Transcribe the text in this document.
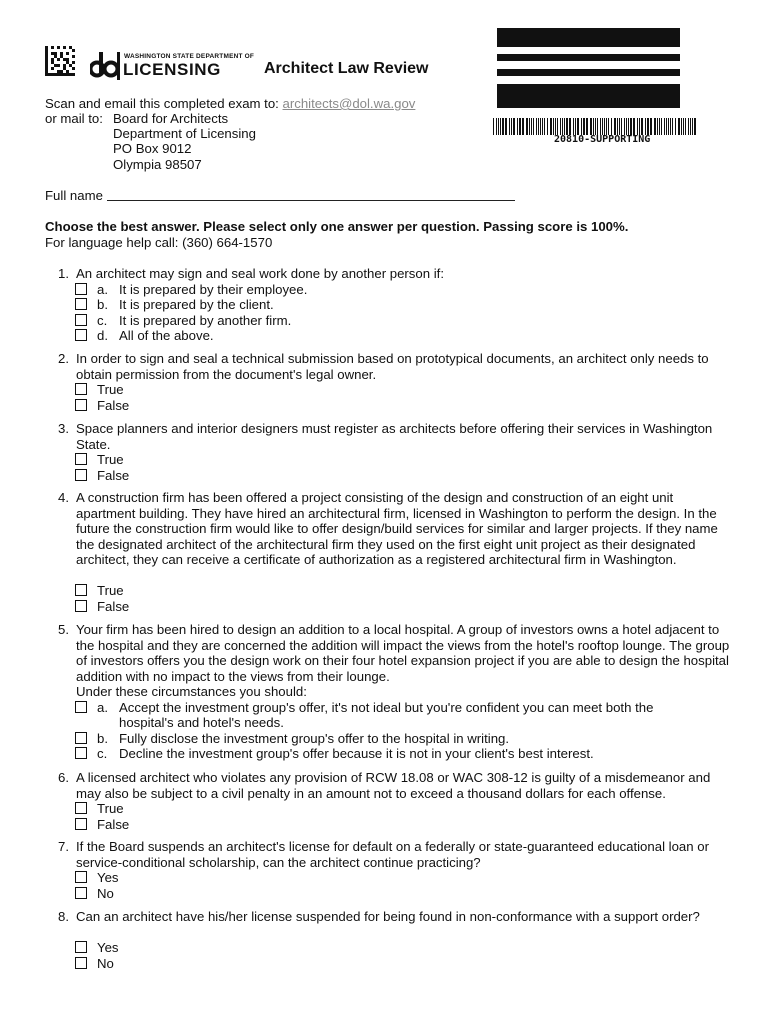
WASHINGTON STATE DEPARTMENT OF
LICENSING	Architect Law Review
20810-SUPPORTING
Scan and email this completed exam to: architects@dol.wa.gov
or mail to: Board for Architects
Department of Licensing
PO Box 9012
Olympia 98507
Full name
Choose the best answer. Please select only one answer per question. Passing score is 100%.
For language help call: (360) 664-1570
1. An architect may sign and seal work done by another person if:
a. It is prepared by their employee.
b. It is prepared by the client.
c. It is prepared by another firm.
d. All of the above.
2. In order to sign and seal a technical submission based on prototypical documents, an architect only needs to obtain permission from the document's legal owner.
True
False
3. Space planners and interior designers must register as architects before offering their services in Washington State.
True
False
4. A construction firm has been offered a project consisting of the design and construction of an eight unit apartment building. They have hired an architectural firm, licensed in Washington to perform the design. In the future the construction firm would like to offer design/build services for similar and larger projects. If they name the designated architect of the architectural firm they used on the first eight unit project as their designated architect, they can receive a certificate of authorization as a registered architectural firm in Washington.
True
False
5. Your firm has been hired to design an addition to a local hospital. A group of investors owns a hotel adjacent to the hospital and they are concerned the addition will impact the views from the hotel's rooftop lounge. The group of investors offers you the design work on their four hotel expansion project if you are able to design the hospital addition with no impact to the views from their lounge.
Under these circumstances you should:
a. Accept the investment group's offer, it's not ideal but you're confident you can meet both the hospital's and hotel's needs.
b. Fully disclose the investment group's offer to the hospital in writing.
c. Decline the investment group's offer because it is not in your client's best interest.
6. A licensed architect who violates any provision of RCW 18.08 or WAC 308-12 is guilty of a misdemeanor and may also be subject to a civil penalty in an amount not to exceed a thousand dollars for each offense.
True
False
7. If the Board suspends an architect's license for default on a federally or state-guaranteed educational loan or service-conditional scholarship, can the architect continue practicing?
Yes
No
8. Can an architect have his/her license suspended for being found in non-conformance with a support order?
Yes
No
